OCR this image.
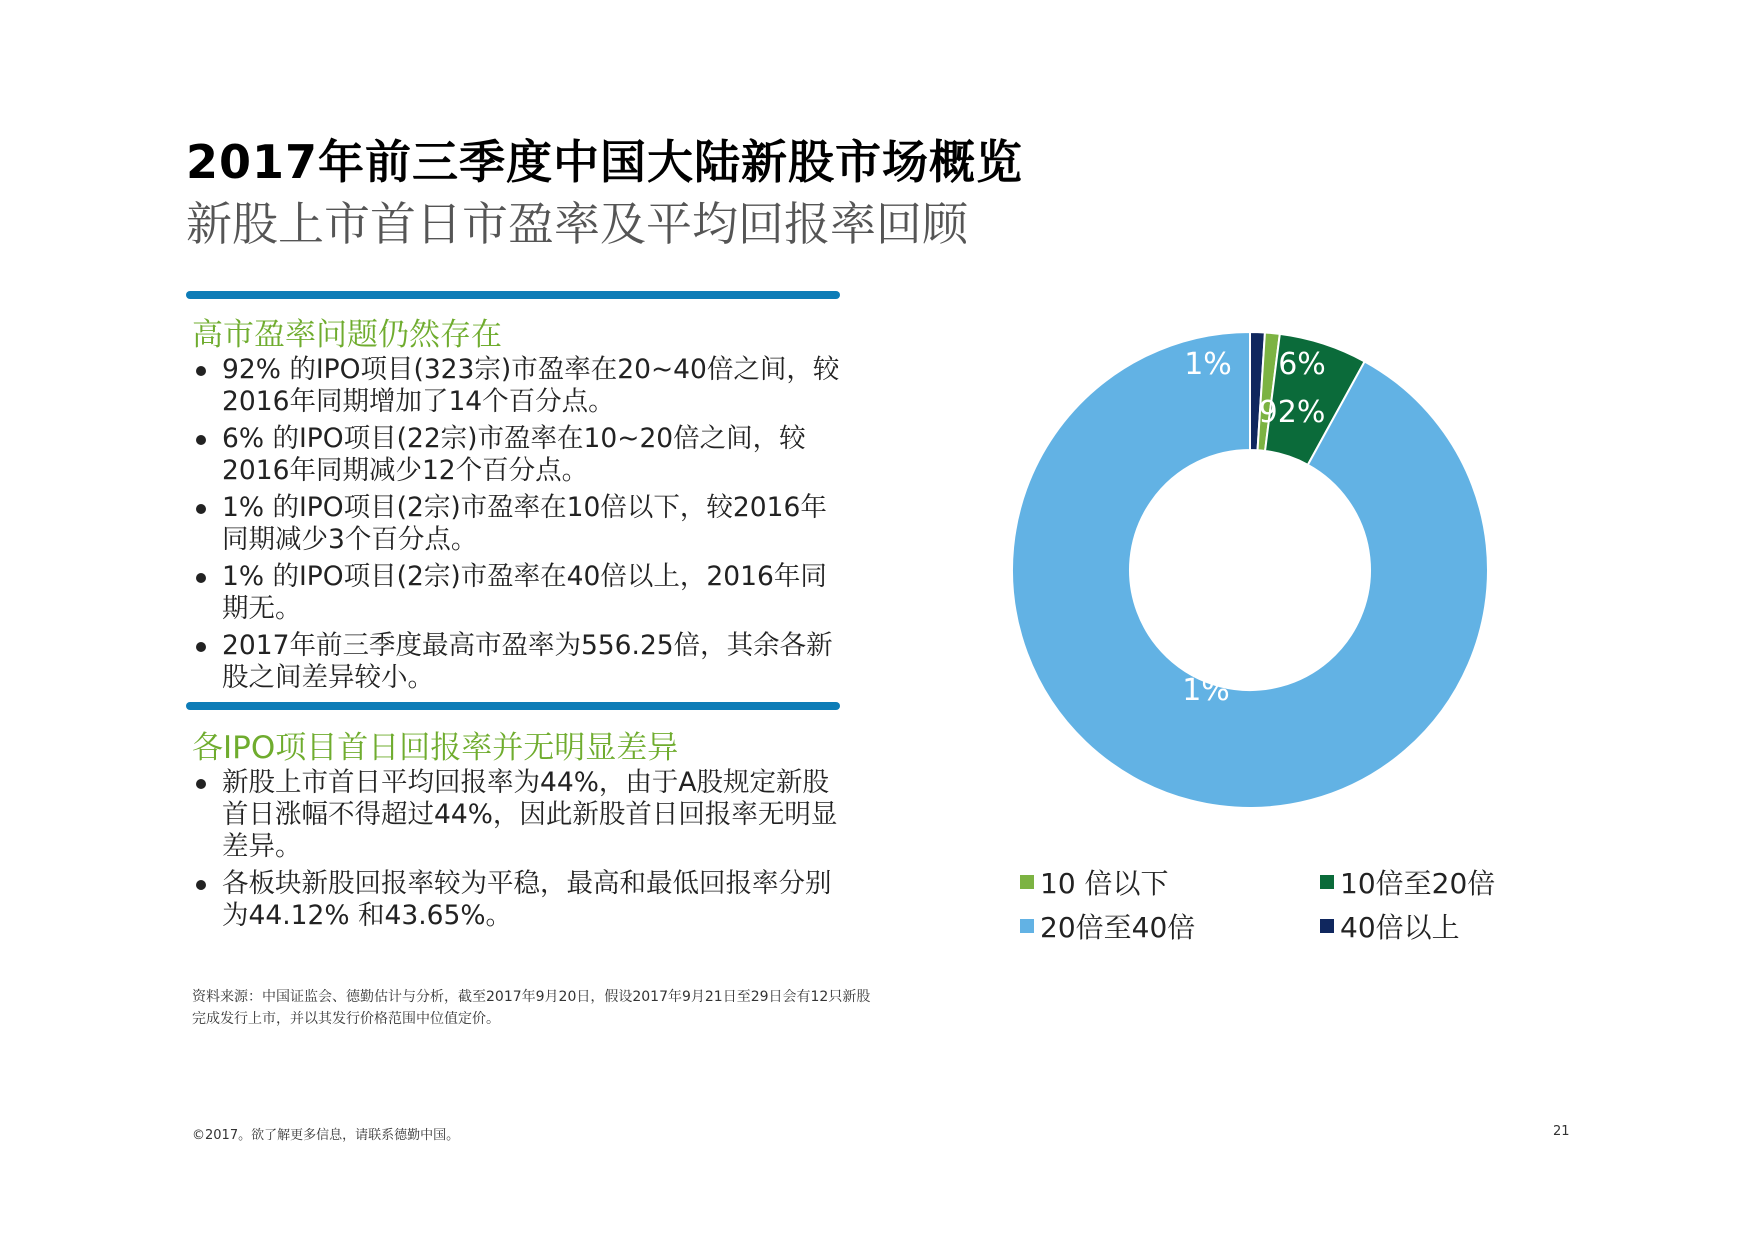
2017年前三季度中国大陆新股市场概览
新股上市首日市盈率及平均回报率回顾
高市盈率问题仍然存在
92% 的IPO项目(323宗)市盈率在20~40倍之间，较2016年同期增加了14个百分点。
6% 的IPO项目(22宗)市盈率在10~20倍之间，较2016年同期减少12个百分点。
1% 的IPO项目(2宗)市盈率在10倍以下，较2016年同期减少3个百分点。
1% 的IPO项目(2宗)市盈率在40倍以上，2016年同期无。
2017年前三季度最高市盈率为556.25倍，其余各新股之间差异较小。
各IPO项目首日回报率并无明显差异
新股上市首日平均回报率为44%，由于A股规定新股首日涨幅不得超过44%，因此新股首日回报率无明显差异。
各板块新股回报率较为平稳，最高和最低回报率分别为44.12% 和43.65%。
资料来源：中国证监会、德勤估计与分析，截至2017年9月20日，假设2017年9月21日至29日会有12只新股完成发行上市，并以其发行价格范围中位值定价。
©2017。欲了解更多信息，请联系德勤中国。	21
1% 6%
92%
1%
10 倍以下	10倍至20倍
20倍至40倍	40倍以上
